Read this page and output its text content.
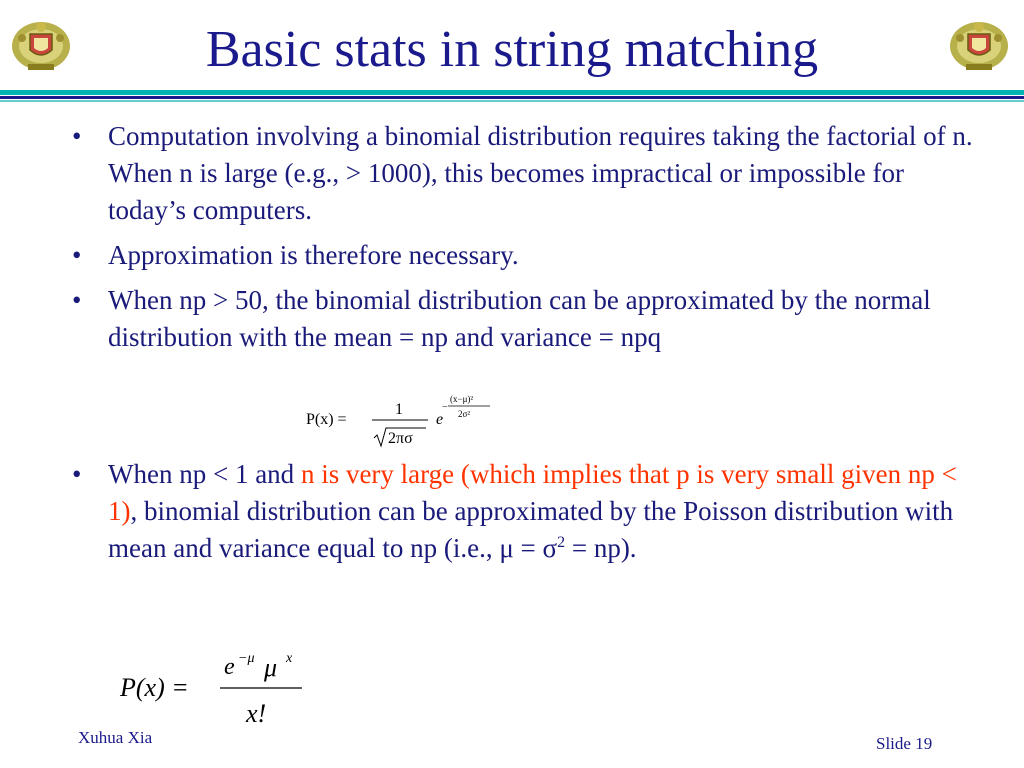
Basic stats in string matching
• Computation involving a binomial distribution requires taking the factorial of n. When n is large (e.g., > 1000), this becomes impractical or impossible for today’s computers.
• Approximation is therefore necessary.
• When np > 50, the binomial distribution can be approximated by the normal distribution with the mean = np and variance = npq
• When np < 1 and n is very large (which implies that p is very small given np < 1), binomial distribution can be approximated by the Poisson distribution with mean and variance equal to np (i.e., $\mu = \sigma^2 = np$).
P(x) =
1
2πσ
e
−
(x−μ)²
2σ²
P(x) =
e −μ μ x
x!
Xuhua Xia	Slide 19
